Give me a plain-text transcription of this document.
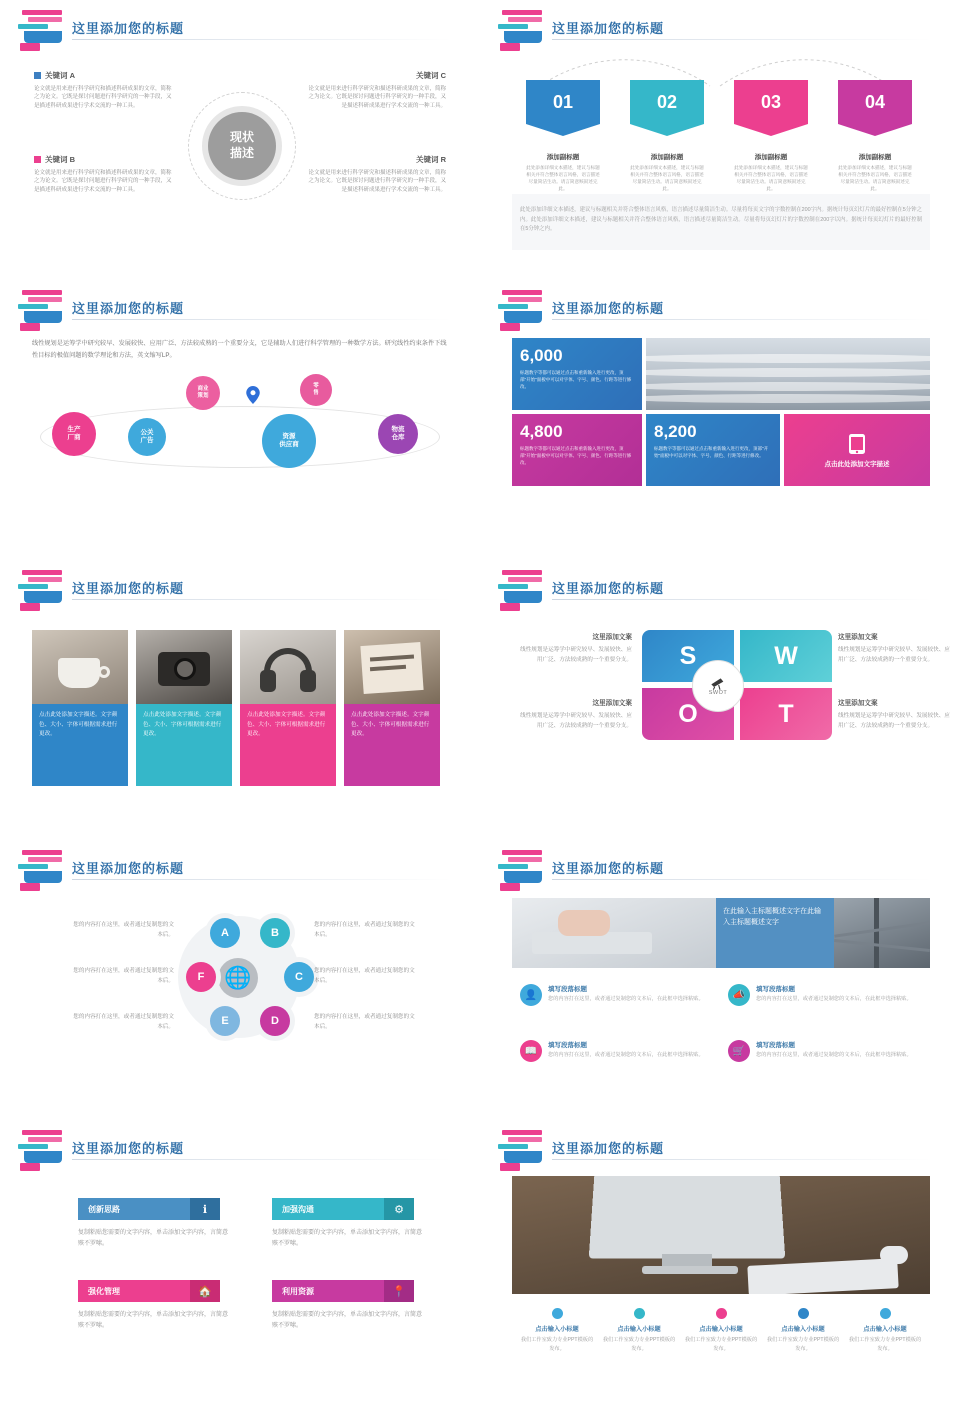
这里添加您的标题
现状
描述
关键词 A
论文就是用来进行科学研究和描述科研成果的文章，简称之为论文。它既是探讨问题进行科学研究的一种手段，又是描述科研成果进行学术交流的一种工具。
关键词 B
论文就是用来进行科学研究和描述科研成果的文章，简称之为论文。它既是探讨问题进行科学研究的一种手段，又是描述科研成果进行学术交流的一种工具。
关键词 C
论文就是用来进行科学研究和描述科研成果的文章，简称之为论文。它既是探讨问题进行科学研究的一种手段，又是描述科研成果进行学术交流的一种工具。
关键词 R
论文就是用来进行科学研究和描述科研成果的文章，简称之为论文。它既是探讨问题进行科学研究的一种手段，又是描述科研成果进行学术交流的一种工具。
这里添加您的标题
01
添加副标题
此处添加详细文本描述，建议与标题相关并符合整体语言风格，语言描述尽量简洁生动。请言简意赅叙述完此。
02
添加副标题
此处添加详细文本描述，建议与标题相关并符合整体语言风格，语言描述尽量简洁生动。请言简意赅叙述完此。
03
添加副标题
此处添加详细文本描述，建议与标题相关并符合整体语言风格，语言描述尽量简洁生动。请言简意赅叙述完此。
04
添加副标题
此处添加详细文本描述，建议与标题相关并符合整体语言风格，语言描述尽量简洁生动。请言简意赅叙述完此。
此处添加详细文本描述，建议与标题相关并符合整体语言风格，语言描述尽量简洁生动。尽量将每页文字的字数控制在200字内。据统计每页幻灯片的最好控制在5分钟之内。此处添加详细文本描述，建议与标题相关并符合整体语言风格，语言描述尽量简洁生动。尽量将每页幻灯片的字数控制在200字以内。据统计每页幻灯片的最好控制在5分钟之内。
这里添加您的标题
线性规划是运筹学中研究较早、发展较快、应用广泛、方法较成熟的一个重要分支，它是辅助人们进行科学管理的一种数学方法。研究线性约束条件下线性目标的极值问题的数学理论和方法，英文缩写LP。
生产
厂商
公关
广告
商业
策划
零
售
资源
供应商
物流
仓库
这里添加您的标题
6,000
标题数字等都可以通过点击和重新输入进行更改，顶部"开始"面板中可以对字体、字号、颜色、行距等进行修改。
4,800
标题数字等都可以通过点击和重新输入进行更改，顶部"开始"面板中可以对字体、字号、颜色、行距等进行修改。
8,200
标题数字等都可以通过点击和重新输入进行更改，顶部"开始"面板中可以对字体、字号、颜色、行距等进行修改。
点击此处添加文字描述
这里添加您的标题
点击此处添加文字描述。文字颜色、大小、字体可根据需求进行更改。
点击此处添加文字描述。文字颜色、大小、字体可根据需求进行更改。
点击此处添加文字描述。文字颜色、大小、字体可根据需求进行更改。
点击此处添加文字描述。文字颜色、大小、字体可根据需求进行更改。
这里添加您的标题
S	W
O	T
SWOT
这里添加文案
线性规划是运筹学中研究较早、发展较快、应用广泛、方法较成熟的一个重要分支。
这里添加文案
线性规划是运筹学中研究较早、发展较快、应用广泛、方法较成熟的一个重要分支。
这里添加文案
线性规划是运筹学中研究较早、发展较快、应用广泛、方法较成熟的一个重要分支。
这里添加文案
线性规划是运筹学中研究较早、发展较快、应用广泛、方法较成熟的一个重要分支。
这里添加您的标题
🌐
A	B
C
D
E
F
您的内容打在这里，或者通过复制您的文本后。
您的内容打在这里，或者通过复制您的文本后。
您的内容打在这里，或者通过复制您的文本后。
您的内容打在这里，或者通过复制您的文本后。
您的内容打在这里，或者通过复制您的文本后。
您的内容打在这里，或者通过复制您的文本后。
这里添加您的标题
在此输入主标题概述文字在此输入主标题概述文字
👤	填写段落标题
您的内容打在这里，或者通过复制您的文本后，在此框中选择粘贴。	📣	填写段落标题
您的内容打在这里，或者通过复制您的文本后，在此框中选择粘贴。
📖	填写段落标题
您的内容打在这里，或者通过复制您的文本后，在此框中选择粘贴。	🛒	填写段落标题
您的内容打在这里，或者通过复制您的文本后，在此框中选择粘贴。
这里添加您的标题
创新思路	ℹ
复制粘贴您需要的文字内容，单击添加文字内容，言简意赅不罗嗦。
加强沟通	⚙
复制粘贴您需要的文字内容，单击添加文字内容，言简意赅不罗嗦。
强化管理	🏠
复制粘贴您需要的文字内容，单击添加文字内容，言简意赅不罗嗦。
利用资源	📍
复制粘贴您需要的文字内容，单击添加文字内容，言简意赅不罗嗦。
这里添加您的标题
点击输入小标题
我们工作室致力专业PPT模板的发布。
点击输入小标题
我们工作室致力专业PPT模板的发布。
点击输入小标题
我们工作室致力专业PPT模板的发布。
点击输入小标题
我们工作室致力专业PPT模板的发布。
点击输入小标题
我们工作室致力专业PPT模板的发布。
